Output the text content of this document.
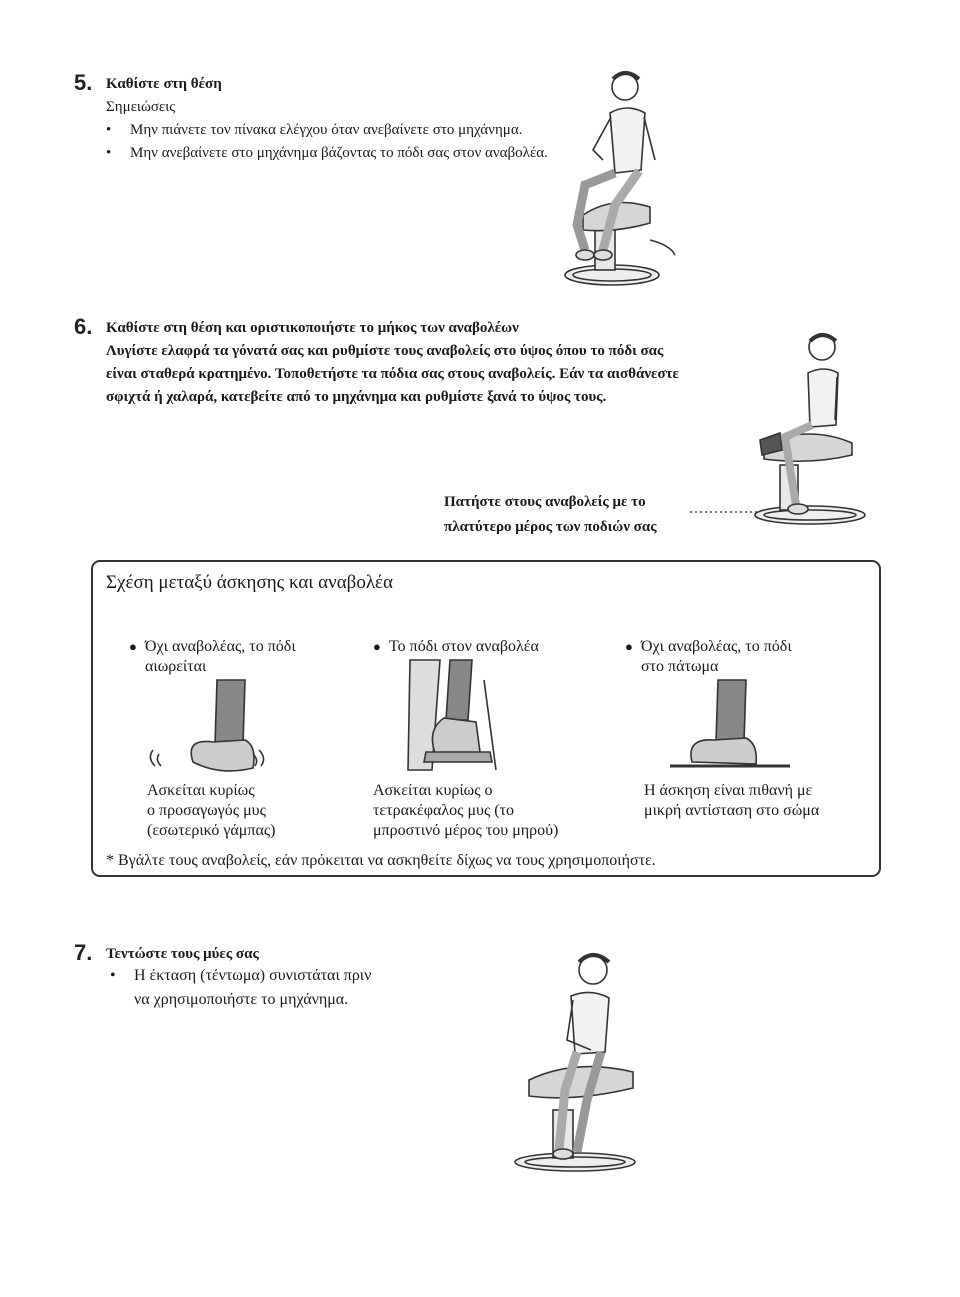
5. Καθίστε στη θέση
Σημειώσεις
• Μην πιάνετε τον πίνακα ελέγχου όταν ανεβαίνετε στο μηχάνημα.
• Μην ανεβαίνετε στο μηχάνημα βάζοντας το πόδι σας στον αναβολέα.
6. Καθίστε στη θέση και οριστικοποιήστε το μήκος των αναβολέων
Λυγίστε ελαφρά τα γόνατά σας και ρυθμίστε τους αναβολείς στο ύψος όπου το πόδι σας
είναι σταθερά κρατημένο. Τοποθετήστε τα πόδια σας στους αναβολείς. Εάν τα αισθάνεστε
σφιχτά ή χαλαρά, κατεβείτε από το μηχάνημα και ρυθμίστε ξανά το ύψος τους.
Πατήστε στους αναβολείς με το
πλατύτερο μέρος των ποδιών σας
Σχέση μεταξύ άσκησης και αναβολέα
● Όχι αναβολέας, το πόδι
αιωρείται
Ασκείται κυρίως
ο προσαγωγός μυς
(εσωτερικό γάμπας)
● Το πόδι στον αναβολέα
Ασκείται κυρίως ο
τετρακέφαλος μυς (το
μπροστινό μέρος του μηρού)
● Όχι αναβολέας, το πόδι
στο πάτωμα
Η άσκηση είναι πιθανή με
μικρή αντίσταση στο σώμα
* Βγάλτε τους αναβολείς, εάν πρόκειται να ασκηθείτε δίχως να τους χρησιμοποιήστε.
7. Τεντώστε τους μύες σας
• Η έκταση (τέντωμα) συνιστάται πριν
να χρησιμοποιήστε το μηχάνημα.
